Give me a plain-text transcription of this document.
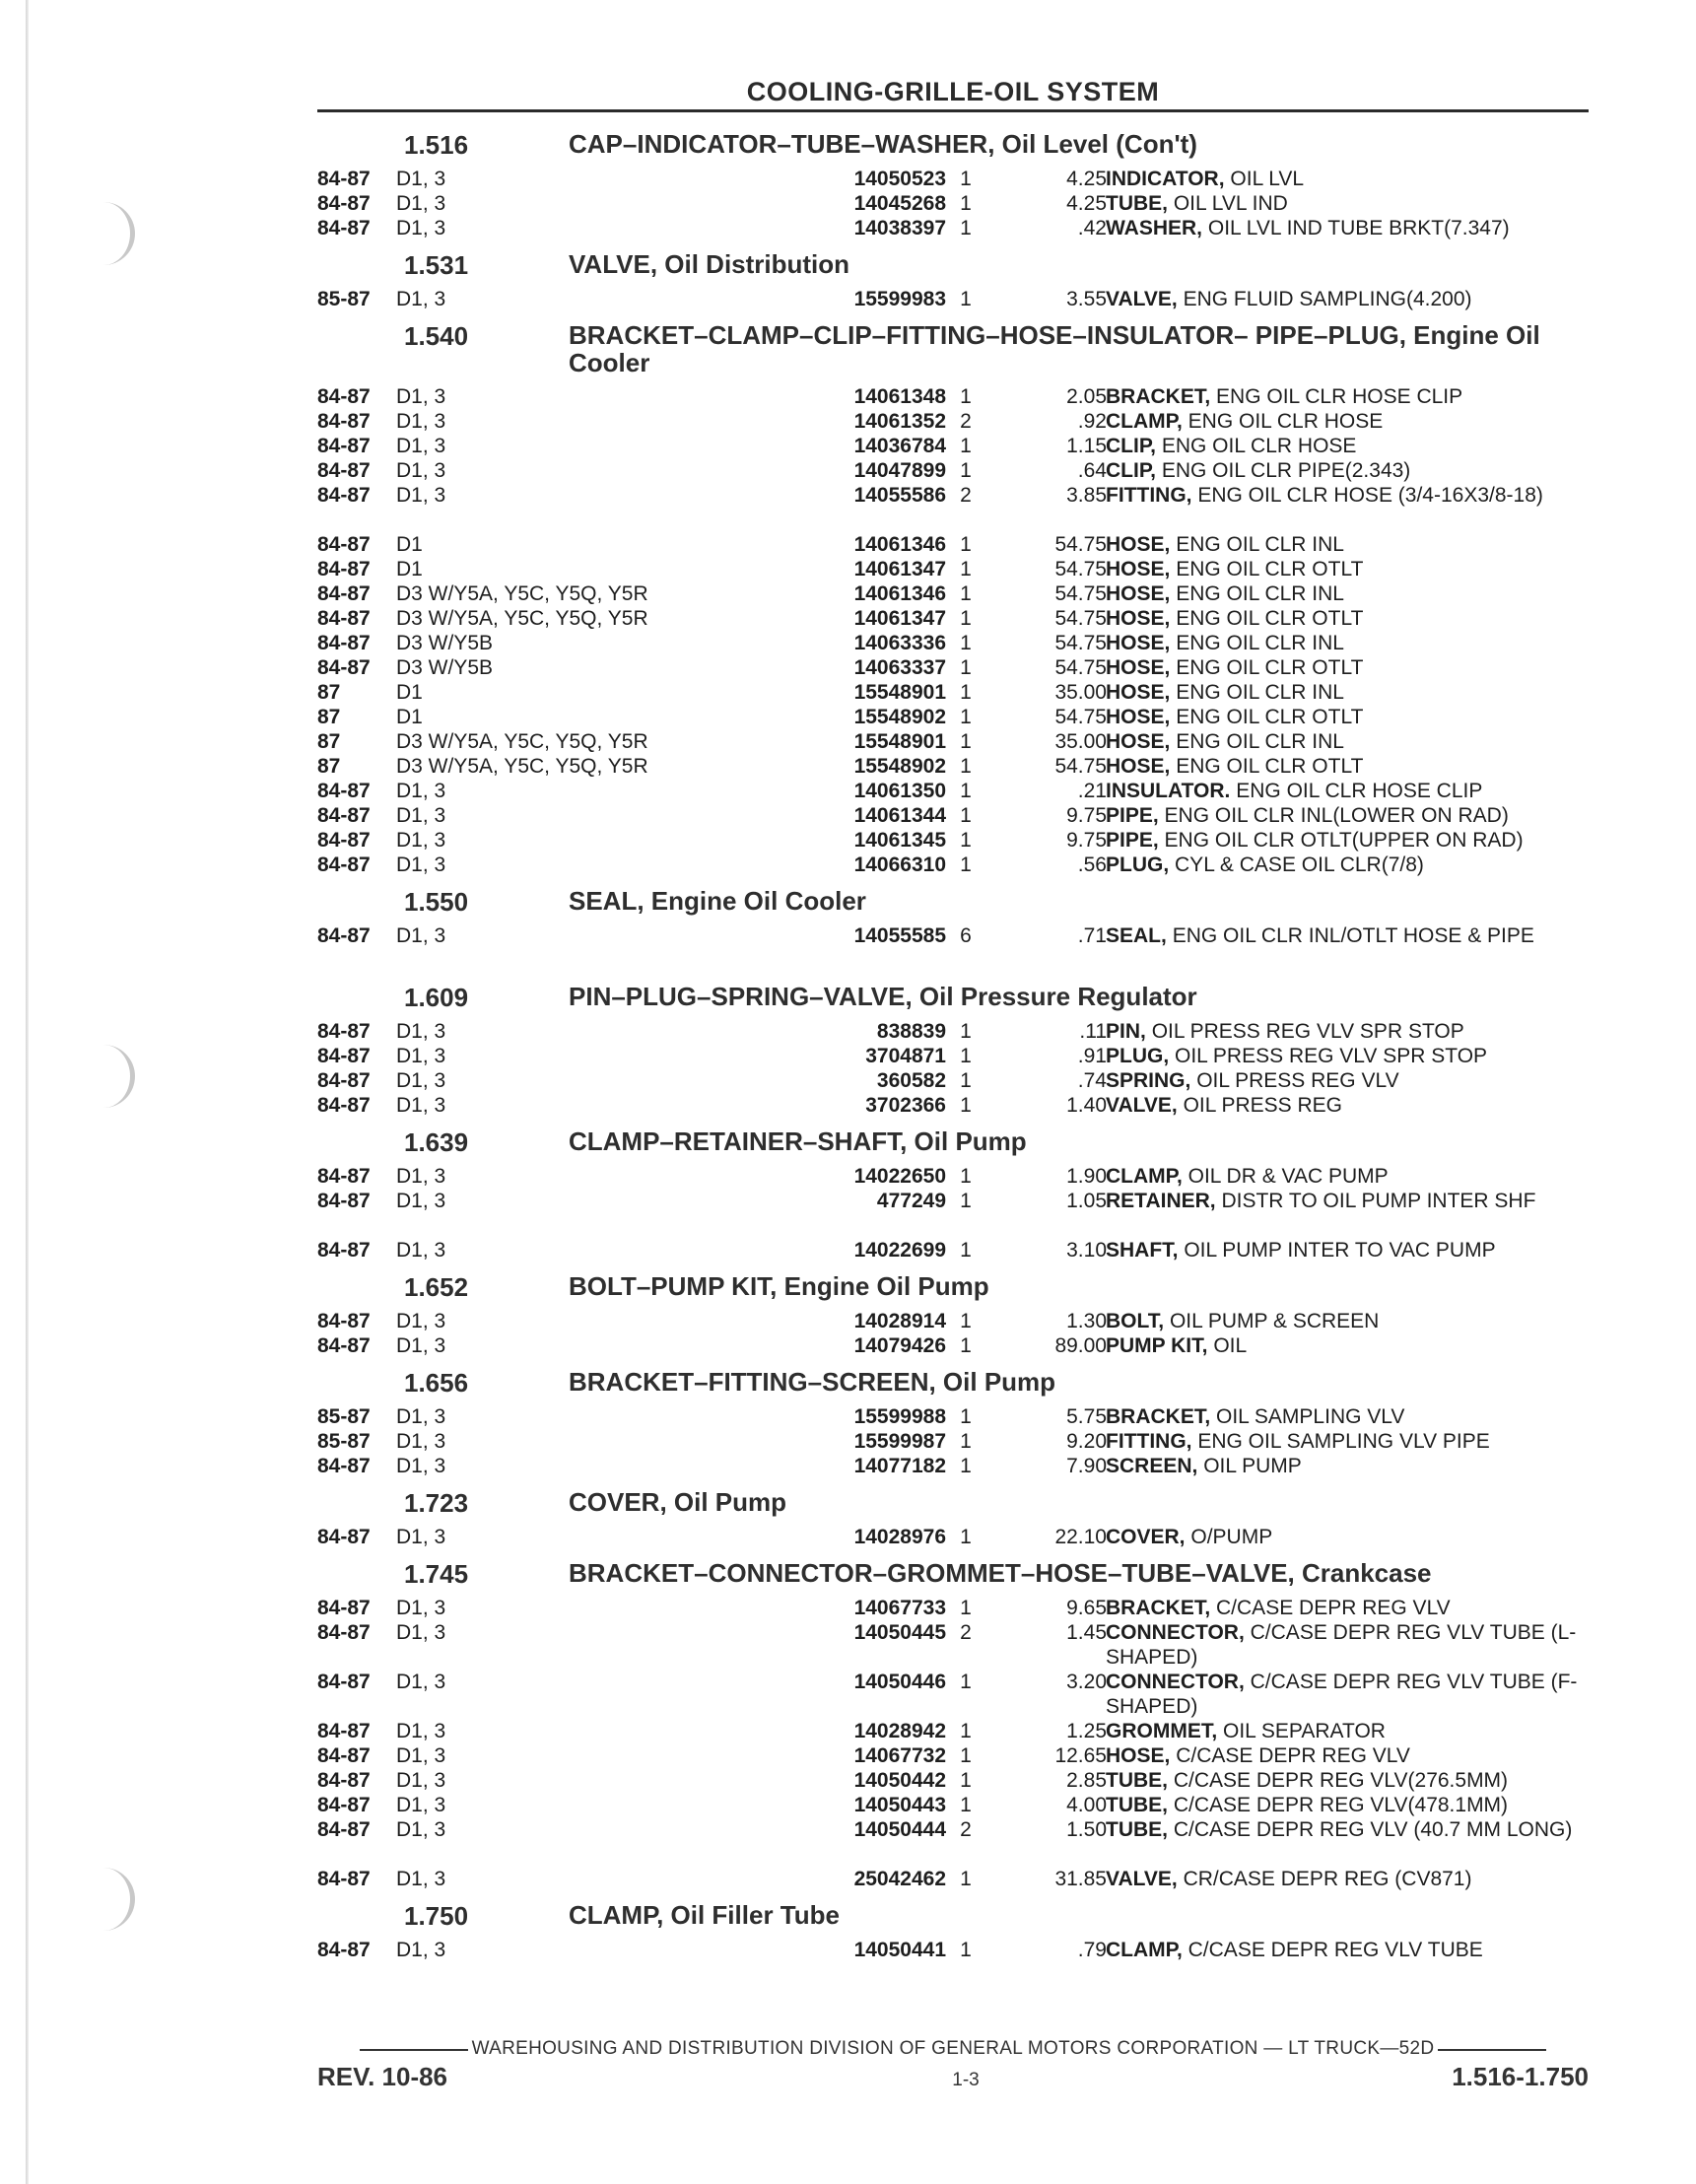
COOLING-GRILLE-OIL SYSTEM
1.516	CAP–INDICATOR–TUBE–WASHER, Oil Level (Con't)
84-87	D1, 3	14050523 1	4.25 INDICATOR, OIL LVL
84-87	D1, 3	14045268 1	4.25 TUBE, OIL LVL IND
84-87	D1, 3	14038397 1	.42 WASHER, OIL LVL IND TUBE BRKT(7.347)
1.531	VALVE, Oil Distribution
85-87	D1, 3	15599983 1	3.55 VALVE, ENG FLUID SAMPLING(4.200)
1.540	BRACKET–CLAMP–CLIP–FITTING–HOSE–INSULATOR– PIPE–PLUG, Engine Oil Cooler
84-87	D1, 3	14061348 1	2.05 BRACKET, ENG OIL CLR HOSE CLIP
84-87	D1, 3	14061352 2	.92 CLAMP, ENG OIL CLR HOSE
84-87	D1, 3	14036784 1	1.15 CLIP, ENG OIL CLR HOSE
84-87	D1, 3	14047899 1	.64 CLIP, ENG OIL CLR PIPE(2.343)
84-87	D1, 3	14055586 2	3.85 FITTING, ENG OIL CLR HOSE (3/4-16X3/8-18)
84-87	D1	14061346 1	54.75 HOSE, ENG OIL CLR INL
84-87	D1	14061347 1	54.75 HOSE, ENG OIL CLR OTLT
84-87	D3 W/Y5A, Y5C, Y5Q, Y5R	14061346 1	54.75 HOSE, ENG OIL CLR INL
84-87	D3 W/Y5A, Y5C, Y5Q, Y5R	14061347 1	54.75 HOSE, ENG OIL CLR OTLT
84-87	D3 W/Y5B	14063336 1	54.75 HOSE, ENG OIL CLR INL
84-87	D3 W/Y5B	14063337 1	54.75 HOSE, ENG OIL CLR OTLT
87	D1	15548901 1	35.00 HOSE, ENG OIL CLR INL
87	D1	15548902 1	54.75 HOSE, ENG OIL CLR OTLT
87	D3 W/Y5A, Y5C, Y5Q, Y5R	15548901 1	35.00 HOSE, ENG OIL CLR INL
87	D3 W/Y5A, Y5C, Y5Q, Y5R	15548902 1	54.75 HOSE, ENG OIL CLR OTLT
84-87	D1, 3	14061350 1	.21 INSULATOR. ENG OIL CLR HOSE CLIP
84-87	D1, 3	14061344 1	9.75 PIPE, ENG OIL CLR INL(LOWER ON RAD)
84-87	D1, 3	14061345 1	9.75 PIPE, ENG OIL CLR OTLT(UPPER ON RAD)
84-87	D1, 3	14066310 1	.56 PLUG, CYL & CASE OIL CLR(7/8)
1.550	SEAL, Engine Oil Cooler
84-87	D1, 3	14055585 6	.71 SEAL, ENG OIL CLR INL/OTLT HOSE & PIPE
1.609	PIN–PLUG–SPRING–VALVE, Oil Pressure Regulator
84-87	D1, 3	838839 1	.11 PIN, OIL PRESS REG VLV SPR STOP
84-87	D1, 3	3704871 1	.91 PLUG, OIL PRESS REG VLV SPR STOP
84-87	D1, 3	360582 1	.74 SPRING, OIL PRESS REG VLV
84-87	D1, 3	3702366 1	1.40 VALVE, OIL PRESS REG
1.639	CLAMP–RETAINER–SHAFT, Oil Pump
84-87	D1, 3	14022650 1	1.90 CLAMP, OIL DR & VAC PUMP
84-87	D1, 3	477249 1	1.05 RETAINER, DISTR TO OIL PUMP INTER SHF
84-87	D1, 3	14022699 1	3.10 SHAFT, OIL PUMP INTER TO VAC PUMP
1.652	BOLT–PUMP KIT, Engine Oil Pump
84-87	D1, 3	14028914 1	1.30 BOLT, OIL PUMP & SCREEN
84-87	D1, 3	14079426 1	89.00 PUMP KIT, OIL
1.656	BRACKET–FITTING–SCREEN, Oil Pump
85-87	D1, 3	15599988 1	5.75 BRACKET, OIL SAMPLING VLV
85-87	D1, 3	15599987 1	9.20 FITTING, ENG OIL SAMPLING VLV PIPE
84-87	D1, 3	14077182 1	7.90 SCREEN, OIL PUMP
1.723	COVER, Oil Pump
84-87	D1, 3	14028976 1	22.10 COVER, O/PUMP
1.745	BRACKET–CONNECTOR–GROMMET–HOSE–TUBE–VALVE, Crankcase
84-87	D1, 3	14067733 1	9.65 BRACKET, C/CASE DEPR REG VLV
84-87	D1, 3	14050445 2	1.45 CONNECTOR, C/CASE DEPR REG VLV TUBE (L-SHAPED)
84-87	D1, 3	14050446 1	3.20 CONNECTOR, C/CASE DEPR REG VLV TUBE (F-SHAPED)
84-87	D1, 3	14028942 1	1.25 GROMMET, OIL SEPARATOR
84-87	D1, 3	14067732 1	12.65 HOSE, C/CASE DEPR REG VLV
84-87	D1, 3	14050442 1	2.85 TUBE, C/CASE DEPR REG VLV(276.5MM)
84-87	D1, 3	14050443 1	4.00 TUBE, C/CASE DEPR REG VLV(478.1MM)
84-87	D1, 3	14050444 2	1.50 TUBE, C/CASE DEPR REG VLV (40.7 MM LONG)
84-87	D1, 3	25042462 1	31.85 VALVE, CR/CASE DEPR REG (CV871)
1.750	CLAMP, Oil Filler Tube
84-87	D1, 3	14050441 1	.79 CLAMP, C/CASE DEPR REG VLV TUBE
WAREHOUSING AND DISTRIBUTION DIVISION OF GENERAL MOTORS CORPORATION — LT TRUCK—52D
REV. 10-86	1-3	1.516-1.750
